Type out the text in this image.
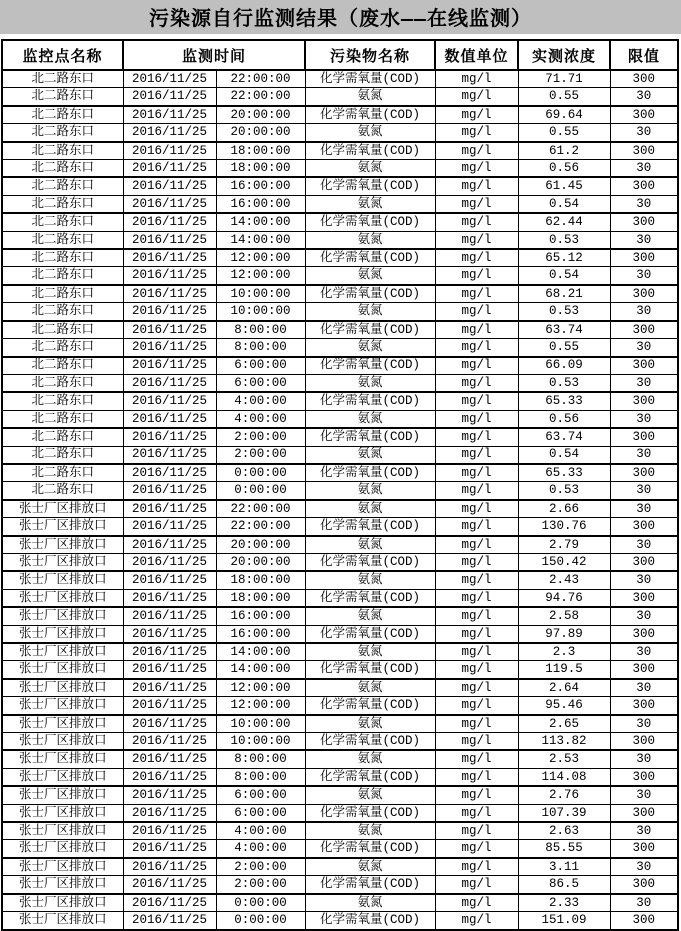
污染源自行监测结果（废水——在线监测）
监控点名称	监测时间		污染物名称	数值单位	实测浓度	限值
北二路东口	2016/11/25	22:00:00	化学需氧量(COD)	mg/l	71.71	300
北二路东口	2016/11/25	22:00:00	氨氮	mg/l	0.55	30
北二路东口	2016/11/25	20:00:00	化学需氧量(COD)	mg/l	69.64	300
北二路东口	2016/11/25	20:00:00	氨氮	mg/l	0.55	30
北二路东口	2016/11/25	18:00:00	化学需氧量(COD)	mg/l	61.2	300
北二路东口	2016/11/25	18:00:00	氨氮	mg/l	0.56	30
北二路东口	2016/11/25	16:00:00	化学需氧量(COD)	mg/l	61.45	300
北二路东口	2016/11/25	16:00:00	氨氮	mg/l	0.54	30
北二路东口	2016/11/25	14:00:00	化学需氧量(COD)	mg/l	62.44	300
北二路东口	2016/11/25	14:00:00	氨氮	mg/l	0.53	30
北二路东口	2016/11/25	12:00:00	化学需氧量(COD)	mg/l	65.12	300
北二路东口	2016/11/25	12:00:00	氨氮	mg/l	0.54	30
北二路东口	2016/11/25	10:00:00	化学需氧量(COD)	mg/l	68.21	300
北二路东口	2016/11/25	10:00:00	氨氮	mg/l	0.53	30
北二路东口	2016/11/25	8:00:00	化学需氧量(COD)	mg/l	63.74	300
北二路东口	2016/11/25	8:00:00	氨氮	mg/l	0.55	30
北二路东口	2016/11/25	6:00:00	化学需氧量(COD)	mg/l	66.09	300
北二路东口	2016/11/25	6:00:00	氨氮	mg/l	0.53	30
北二路东口	2016/11/25	4:00:00	化学需氧量(COD)	mg/l	65.33	300
北二路东口	2016/11/25	4:00:00	氨氮	mg/l	0.56	30
北二路东口	2016/11/25	2:00:00	化学需氧量(COD)	mg/l	63.74	300
北二路东口	2016/11/25	2:00:00	氨氮	mg/l	0.54	30
北二路东口	2016/11/25	0:00:00	化学需氧量(COD)	mg/l	65.33	300
北二路东口	2016/11/25	0:00:00	氨氮	mg/l	0.53	30
张士厂区排放口	2016/11/25	22:00:00	氨氮	mg/l	2.66	30
张士厂区排放口	2016/11/25	22:00:00	化学需氧量(COD)	mg/l	130.76	300
张士厂区排放口	2016/11/25	20:00:00	氨氮	mg/l	2.79	30
张士厂区排放口	2016/11/25	20:00:00	化学需氧量(COD)	mg/l	150.42	300
张士厂区排放口	2016/11/25	18:00:00	氨氮	mg/l	2.43	30
张士厂区排放口	2016/11/25	18:00:00	化学需氧量(COD)	mg/l	94.76	300
张士厂区排放口	2016/11/25	16:00:00	氨氮	mg/l	2.58	30
张士厂区排放口	2016/11/25	16:00:00	化学需氧量(COD)	mg/l	97.89	300
张士厂区排放口	2016/11/25	14:00:00	氨氮	mg/l	2.3	30
张士厂区排放口	2016/11/25	14:00:00	化学需氧量(COD)	mg/l	119.5	300
张士厂区排放口	2016/11/25	12:00:00	氨氮	mg/l	2.64	30
张士厂区排放口	2016/11/25	12:00:00	化学需氧量(COD)	mg/l	95.46	300
张士厂区排放口	2016/11/25	10:00:00	氨氮	mg/l	2.65	30
张士厂区排放口	2016/11/25	10:00:00	化学需氧量(COD)	mg/l	113.82	300
张士厂区排放口	2016/11/25	8:00:00	氨氮	mg/l	2.53	30
张士厂区排放口	2016/11/25	8:00:00	化学需氧量(COD)	mg/l	114.08	300
张士厂区排放口	2016/11/25	6:00:00	氨氮	mg/l	2.76	30
张士厂区排放口	2016/11/25	6:00:00	化学需氧量(COD)	mg/l	107.39	300
张士厂区排放口	2016/11/25	4:00:00	氨氮	mg/l	2.63	30
张士厂区排放口	2016/11/25	4:00:00	化学需氧量(COD)	mg/l	85.55	300
张士厂区排放口	2016/11/25	2:00:00	氨氮	mg/l	3.11	30
张士厂区排放口	2016/11/25	2:00:00	化学需氧量(COD)	mg/l	86.5	300
张士厂区排放口	2016/11/25	0:00:00	氨氮	mg/l	2.33	30
张士厂区排放口	2016/11/25	0:00:00	化学需氧量(COD)	mg/l	151.09	300
